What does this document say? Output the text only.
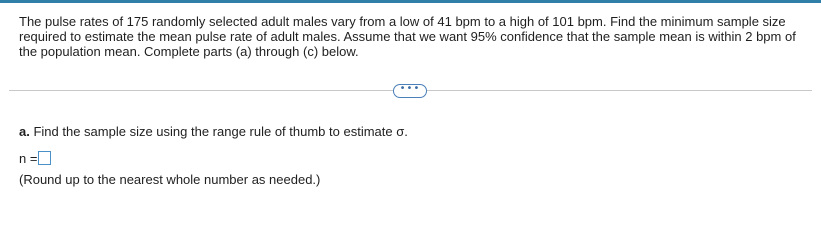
The pulse rates of 175 randomly selected adult males vary from a low of 41 bpm to a high of 101 bpm. Find the minimum sample size required to estimate the mean pulse rate of adult males. Assume that we want 95% confidence that the sample mean is within 2 bpm of the population mean. Complete parts (a) through (c) below.
•••
a. Find the sample size using the range rule of thumb to estimate σ.
n =
(Round up to the nearest whole number as needed.)
